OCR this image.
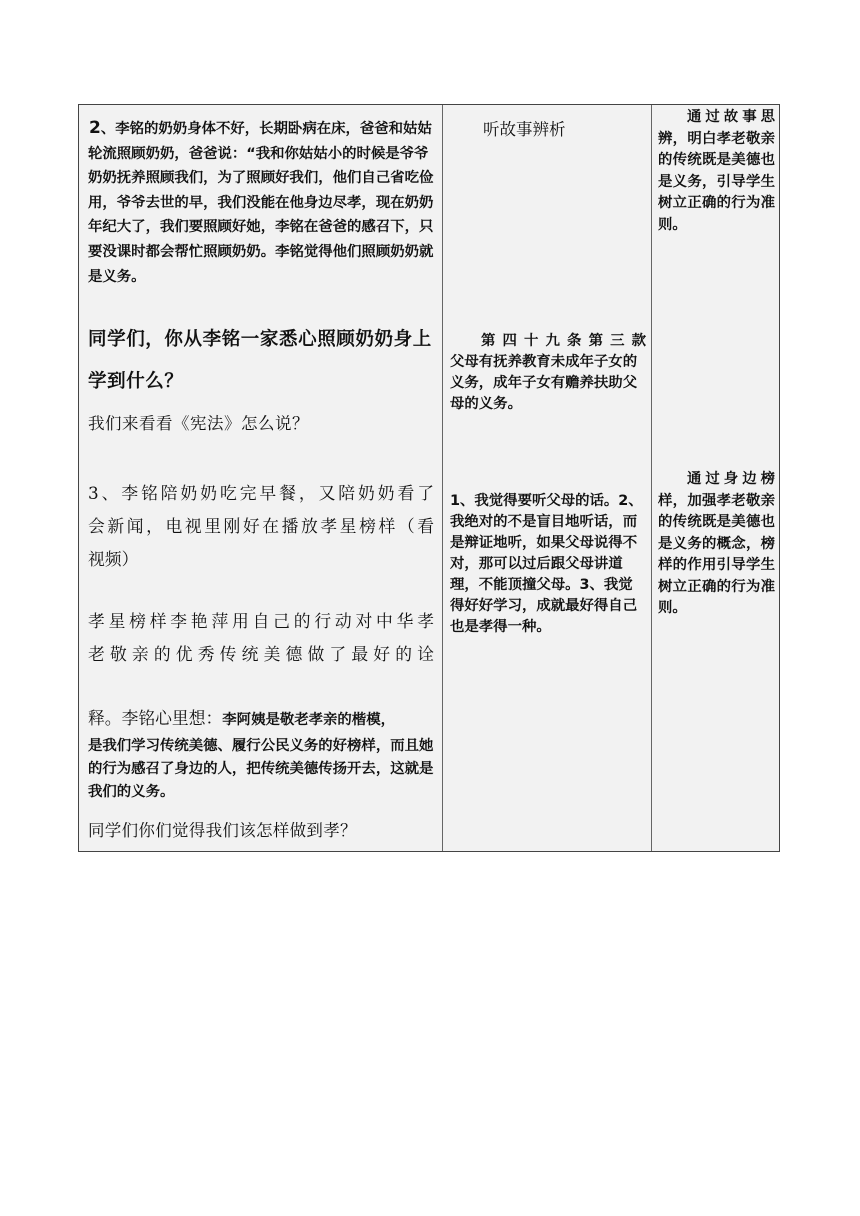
2、李铭的奶奶身体不好，长期卧病在床，爸爸和姑姑轮流照顾奶奶，爸爸说：“我和你姑姑小的时候是爷爷奶奶抚养照顾我们，为了照顾好我们，他们自己省吃俭用，爷爷去世的早，我们没能在他身边尽孝，现在奶奶年纪大了，我们要照顾好她，李铭在爸爸的感召下，只要没课时都会帮忙照顾奶奶。李铭觉得他们照顾奶奶就是义务。

同学们，你从李铭一家悉心照顾奶奶身上学到什么？

我们来看看《宪法》怎么说？

3、李铭陪奶奶吃完早餐，又陪奶奶看了
会新闻，电视里刚好在播放孝星榜样（看
视频）
孝星榜样李艳萍用自己的行动对中华孝
老敬亲的优秀传统美德做了最好的诠
释。李铭心里想：李阿姨是敬老孝亲的楷模，
是我们学习传统美德、履行公民义务的好榜样，而且她的行为感召了身边的人，把传统美德传扬开去，这就是我们的义务。

同学们你们觉得我们该怎样做到孝？

听故事辨析

第四十九条第三款

父母有抚养教育未成年子女的义务，成年子女有赡养扶助父母的义务。

1、我觉得要听父母的话。2、我绝对的不是盲目地听话，而是辩证地听，如果父母说得不对，那可以过后跟父母讲道理，不能顶撞父母。3、我觉得好好学习，成就最好得自己也是孝得一种。

通过故事思辨，明白孝老敬亲的传统既是美德也是义务，引导学生树立正确的行为准则。

通过身边榜样，加强孝老敬亲的传统既是美德也是义务的概念，榜样的作用引导学生树立正确的行为准则。
